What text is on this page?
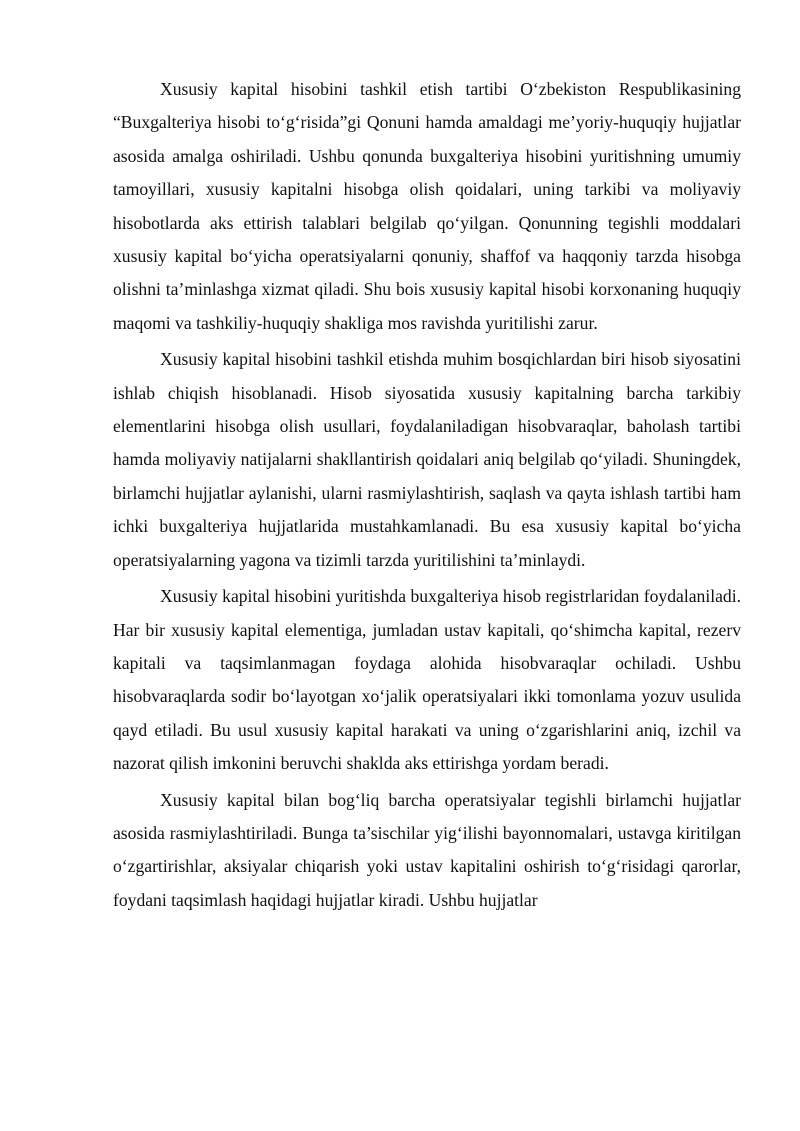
Xususiy kapital hisobini tashkil etish tartibi O‘zbekiston Respublikasining “Buxgalteriya hisobi to‘g‘risida”gi Qonuni hamda amaldagi me’yoriy-huquqiy hujjatlar asosida amalga oshiriladi. Ushbu qonunda buxgalteriya hisobini yuritishning umumiy tamoyillari, xususiy kapitalni hisobga olish qoidalari, uning tarkibi va moliyaviy hisobotlarda aks ettirish talablari belgilab qo‘yilgan. Qonunning tegishli moddalari xususiy kapital bo‘yicha operatsiyalarni qonuniy, shaffof va haqqoniy tarzda hisobga olishni ta’minlashga xizmat qiladi. Shu bois xususiy kapital hisobi korxonaning huquqiy maqomi va tashkiliy-huquqiy shakliga mos ravishda yuritilishi zarur.

Xususiy kapital hisobini tashkil etishda muhim bosqichlardan biri hisob siyosatini ishlab chiqish hisoblanadi. Hisob siyosatida xususiy kapitalning barcha tarkibiy elementlarini hisobga olish usullari, foydalaniladigan hisobvaraqlar, baholash tartibi hamda moliyaviy natijalarni shakllantirish qoidalari aniq belgilab qo‘yiladi. Shuningdek, birlamchi hujjatlar aylanishi, ularni rasmiylashtirish, saqlash va qayta ishlash tartibi ham ichki buxgalteriya hujjatlarida mustahkamlanadi. Bu esa xususiy kapital bo‘yicha operatsiyalarning yagona va tizimli tarzda yuritilishini ta’minlaydi.

Xususiy kapital hisobini yuritishda buxgalteriya hisob registrlaridan foydalaniladi. Har bir xususiy kapital elementiga, jumladan ustav kapitali, qo‘shimcha kapital, rezerv kapitali va taqsimlanmagan foydaga alohida hisobvaraqlar ochiladi. Ushbu hisobvaraqlarda sodir bo‘layotgan xo‘jalik operatsiyalari ikki tomonlama yozuv usulida qayd etiladi. Bu usul xususiy kapital harakati va uning o‘zgarishlarini aniq, izchil va nazorat qilish imkonini beruvchi shaklda aks ettirishga yordam beradi.

Xususiy kapital bilan bog‘liq barcha operatsiyalar tegishli birlamchi hujjatlar asosida rasmiylashtiriladi. Bunga ta’sischilar yig‘ilishi bayonnomalari, ustavga kiritilgan o‘zgartirishlar, aksiyalar chiqarish yoki ustav kapitalini oshirish to‘g‘risidagi qarorlar, foydani taqsimlash haqidagi hujjatlar kiradi. Ushbu hujjatlar
